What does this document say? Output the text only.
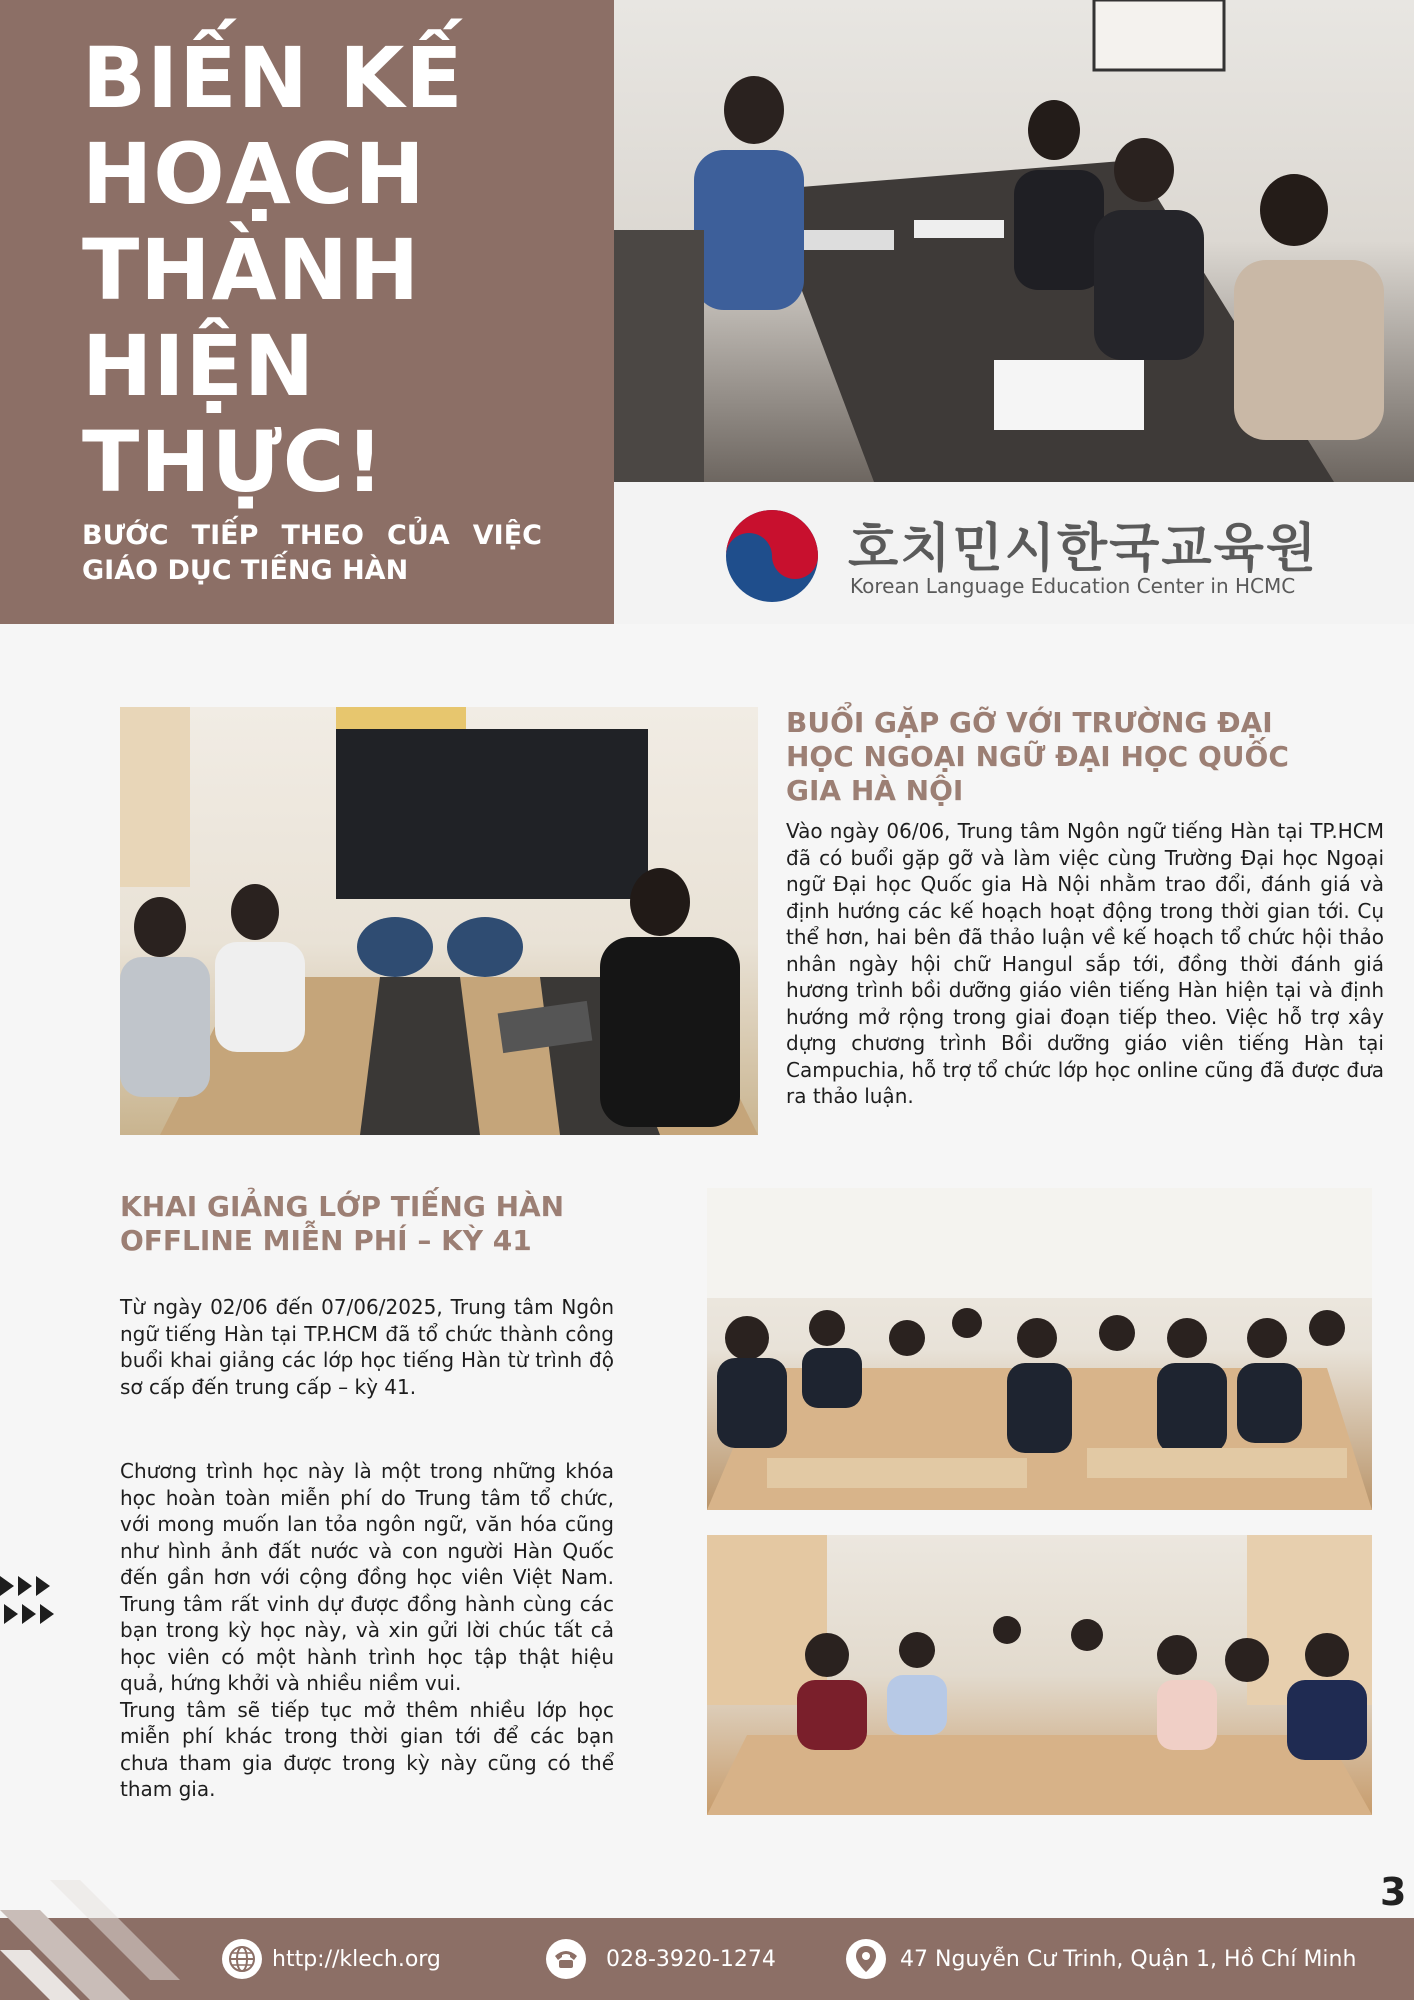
BIẾN KẾ
HOẠCH
THÀNH
HIỆN
THỰC!
BƯỚC TIẾP THEO CỦA VIỆC
GIÁO DỤC TIẾNG HÀN	호치민시한국교육원
Korean Language Education Center in HCMC
BUỔI GẶP GỠ VỚI TRƯỜNG ĐẠI HỌC NGOẠI NGỮ ĐẠI HỌC QUỐC GIA HÀ NỘI

Vào ngày 06/06, Trung tâm Ngôn ngữ tiếng Hàn tại TP.HCM đã có buổi gặp gỡ và làm việc cùng Trường Đại học Ngoại ngữ Đại học Quốc gia Hà Nội nhằm trao đổi, đánh giá và định hướng các kế hoạch hoạt động trong thời gian tới. Cụ thể hơn, hai bên đã thảo luận về kế hoạch tổ chức hội thảo nhân ngày hội chữ Hangul sắp tới, đồng thời đánh giá hương trình bồi dưỡng giáo viên tiếng Hàn hiện tại và định hướng mở rộng trong giai đoạn tiếp theo. Việc hỗ trợ xây dựng chương trình Bồi dưỡng giáo viên tiếng Hàn tại Campuchia, hỗ trợ tổ chức lớp học online cũng đã được đưa ra thảo luận.

KHAI GIẢNG LỚP TIẾNG HÀN OFFLINE MIỄN PHÍ – KỲ 41

Từ ngày 02/06 đến 07/06/2025, Trung tâm Ngôn ngữ tiếng Hàn tại TP.HCM đã tổ chức thành công buổi khai giảng các lớp học tiếng Hàn từ trình độ sơ cấp đến trung cấp – kỳ 41.

Chương trình học này là một trong những khóa học hoàn toàn miễn phí do Trung tâm tổ chức, với mong muốn lan tỏa ngôn ngữ, văn hóa cũng như hình ảnh đất nước và con người Hàn Quốc đến gần hơn với cộng đồng học viên Việt Nam. Trung tâm rất vinh dự được đồng hành cùng các bạn trong kỳ học này, và xin gửi lời chúc tất cả học viên có một hành trình học tập thật hiệu quả, hứng khởi và nhiều niềm vui.

Trung tâm sẽ tiếp tục mở thêm nhiều lớp học miễn phí khác trong thời gian tới để các bạn chưa tham gia được trong kỳ này cũng có thể tham gia.

3
http://klech.org	028-3920-1274	47 Nguyễn Cư Trinh, Quận 1, Hồ Chí Minh
